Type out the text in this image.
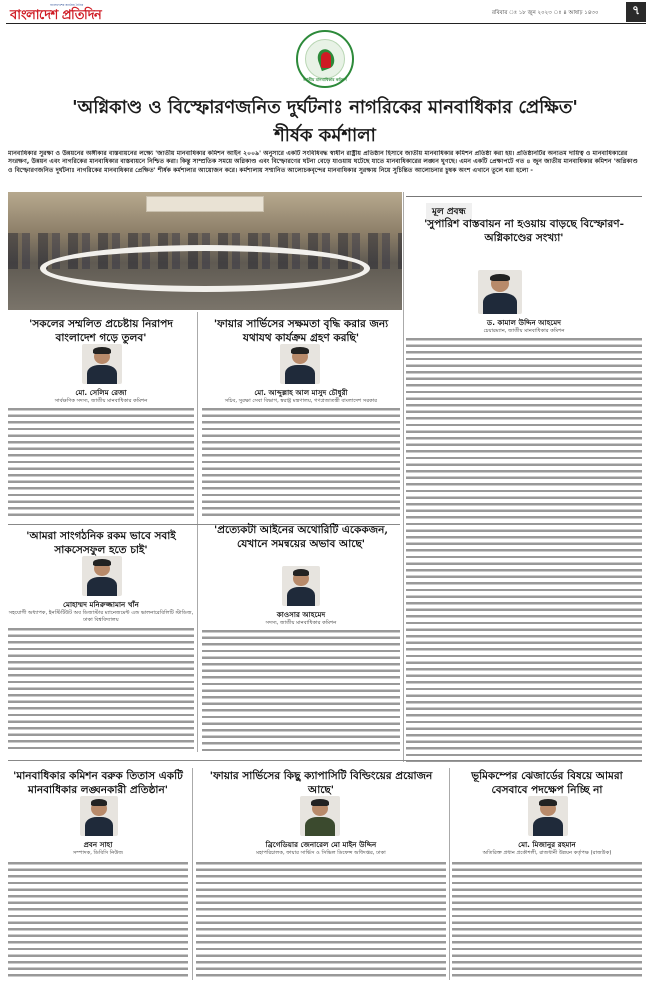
বাংলাদেশের জনপ্রিয় দৈনিক
বাংলাদেশ প্রতিদিন	রবিবার ঃ ১৮ জুন ২০২৩ ঃ ৪ আষাঢ় ১৪৩০	৭
জাতীয় মানবাধিকার কমিশন
'অগ্নিকাণ্ড ও বিস্ফোরণজনিত দুর্ঘটনাঃ নাগরিকের মানবাধিকার প্রেক্ষিত'
শীর্ষক কর্মশালা
মানবাধিকার সুরক্ষা ও উন্নয়নের অঙ্গীকার বাস্তবায়নের লক্ষ্যে 'জাতীয় মানবাধিকার কমিশন আইন ২০০৯' অনুসারে একটি সংবিধিবদ্ধ স্বাধীন রাষ্ট্রীয় প্রতিষ্ঠান হিসাবে জাতীয় মানবাধিকার কমিশন প্রতিষ্ঠা করা হয়। প্রতিষ্ঠানটির অন্যতম দায়িত্ব ও মানবাধিকারের সংরক্ষণ, উন্নয়ন এবং নাগরিকের মানবাধিকার বাস্তবায়নে নিশ্চিত করা। কিন্তু সাম্প্রতিক সময়ে অগ্নিকাণ্ড এবং বিস্ফোরণের ঘটনা বেড়ে যাওয়ায় ঘটেছে যাতে মানবাধিকারের লঙ্ঘন ঘুণছে। এমন একটি প্রেক্ষাপটে গত ৪ জুন জাতীয় মানবাধিকার কমিশন 'অগ্নিকাণ্ড ও বিস্ফোরণজনিত দুর্ঘটনাঃ নাগরিকের মানবাধিকার প্রেক্ষিত' শীর্ষক কর্মশালার আয়োজন করে। কর্মশালায় সম্মানিত আলোচকবৃন্দের মানবাধিকার সুরক্ষায় নিয়ে সুচিন্তিত আলোচনার চুম্বক অংশ এখানে তুলে ধরা হলো -
মূল প্রবন্ধ
'সুপারিশ বাস্তবায়ন না হওয়ায় বাড়ছে বিস্ফোরণ-অগ্নিকাণ্ডের সংখ্যা'
ড. কামাল উদ্দিন আহমেদ
চেয়ারম্যান, জাতীয় মানবাধিকার কমিশন
'সকলের সম্মলিত প্রচেষ্টায় নিরাপদ বাংলাদেশ গড়ে তুলব'
মো. সেলিম রেজা
সার্বক্ষণিক সদস্য, জাতীয় মানবাধিকার কমিশন
'ফায়ার সার্ভিসের সক্ষমতা বৃদ্ধি করার জন্য যথাযথ কার্যক্রম গ্রহণ করছি'
মো. আব্দুল্লাহ আল মাসুদ চৌধুরী
সচিব, সুরক্ষা সেবা বিভাগ, স্বরাষ্ট্র মন্ত্রণালয়, গণপ্রজাতন্ত্রী বাংলাদেশ সরকার
'আমরা সাংগঠনিক রকম ভাবে সবাই সাকসেসফুল হতে চাই'
মোহাম্মদ মনিরুজ্জামান খাঁন
সহযোগী অধ্যাপক, ইনস্টিটিউট অব ডিজাস্টার ম্যানেজমেন্ট এন্ড ভালনারেবিলিটি স্টাডিজ, ঢাকা বিশ্ববিদ্যালয়
'প্রত্যেকটা আইনের অথোরিটি একেকজন, যেখানে সমন্বয়ের অভাব আছে'
কাওসার আহমেদ
সদস্য, জাতীয় মানবাধিকার কমিশন
'মানবাধিকার কমিশন বরুক তিতাস একটি মানবাধিকার লঙ্ঘনকারী প্রতিষ্ঠান'
প্রবন সাহা
সম্পাদক, ডিবিসি নিউজ
'ফায়ার সার্ভিসের কিছু ক্যাপাসিটি বিল্ডিংয়ের প্রয়োজন আছে'
ব্রিগেডিয়ার জেনারেল মো মাইন উদ্দিন
মহাপরিচালক, ফায়ার সার্ভিস ও সিভিল ডিফেন্স অধিদপ্তর, ঢাকা
ভূমিকম্পের ঝেজার্ডের বিষয়ে আমরা বেসবাবে পদক্ষেপ নিচ্ছি না
মো. মিজানুর রহমান
অতিরিক্ত প্রধান প্রকৌশলী, রাজধানী উন্নয়ন কর্তৃপক্ষ (রাজউক)
